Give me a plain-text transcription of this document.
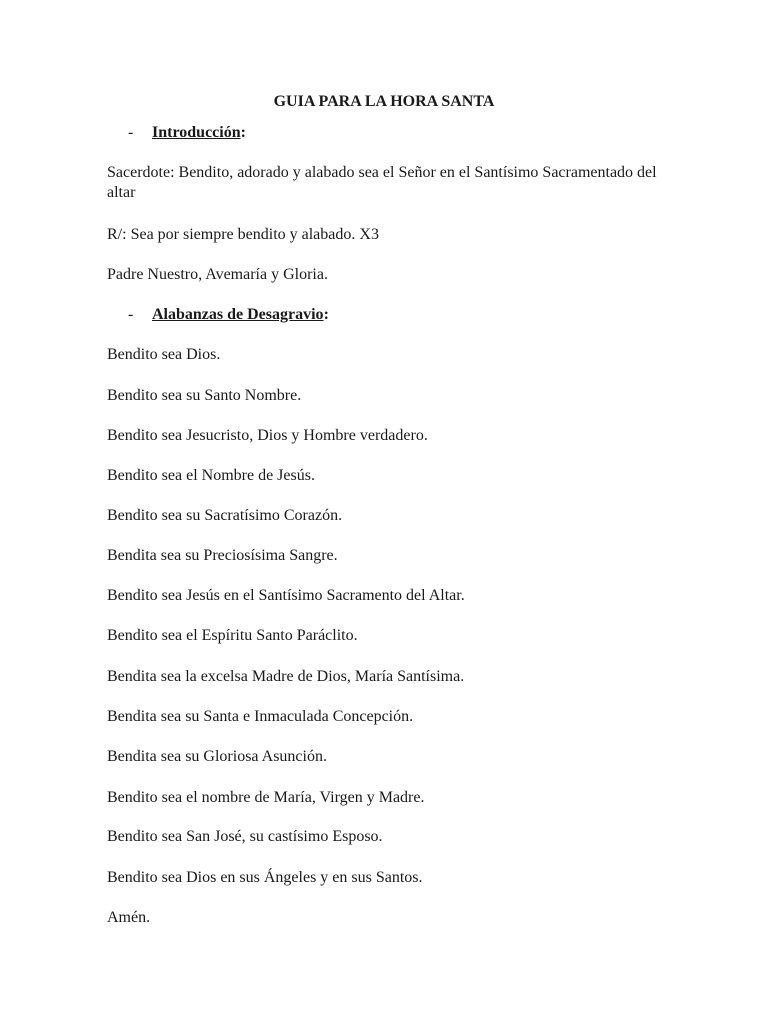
GUIA PARA LA HORA SANTA
- Introducción:
Sacerdote: Bendito, adorado y alabado sea el Señor en el Santísimo Sacramentado del altar
R/: Sea por siempre bendito y alabado. X3
Padre Nuestro, Avemaría y Gloria.
- Alabanzas de Desagravio:
Bendito sea Dios.
Bendito sea su Santo Nombre.
Bendito sea Jesucristo, Dios y Hombre verdadero.
Bendito sea el Nombre de Jesús.
Bendito sea su Sacratísimo Corazón.
Bendita sea su Preciosísima Sangre.
Bendito sea Jesús en el Santísimo Sacramento del Altar.
Bendito sea el Espíritu Santo Paráclito.
Bendita sea la excelsa Madre de Dios, María Santísima.
Bendita sea su Santa e Inmaculada Concepción.
Bendita sea su Gloriosa Asunción.
Bendito sea el nombre de María, Virgen y Madre.
Bendito sea San José, su castísimo Esposo.
Bendito sea Dios en sus Ángeles y en sus Santos.
Amén.
